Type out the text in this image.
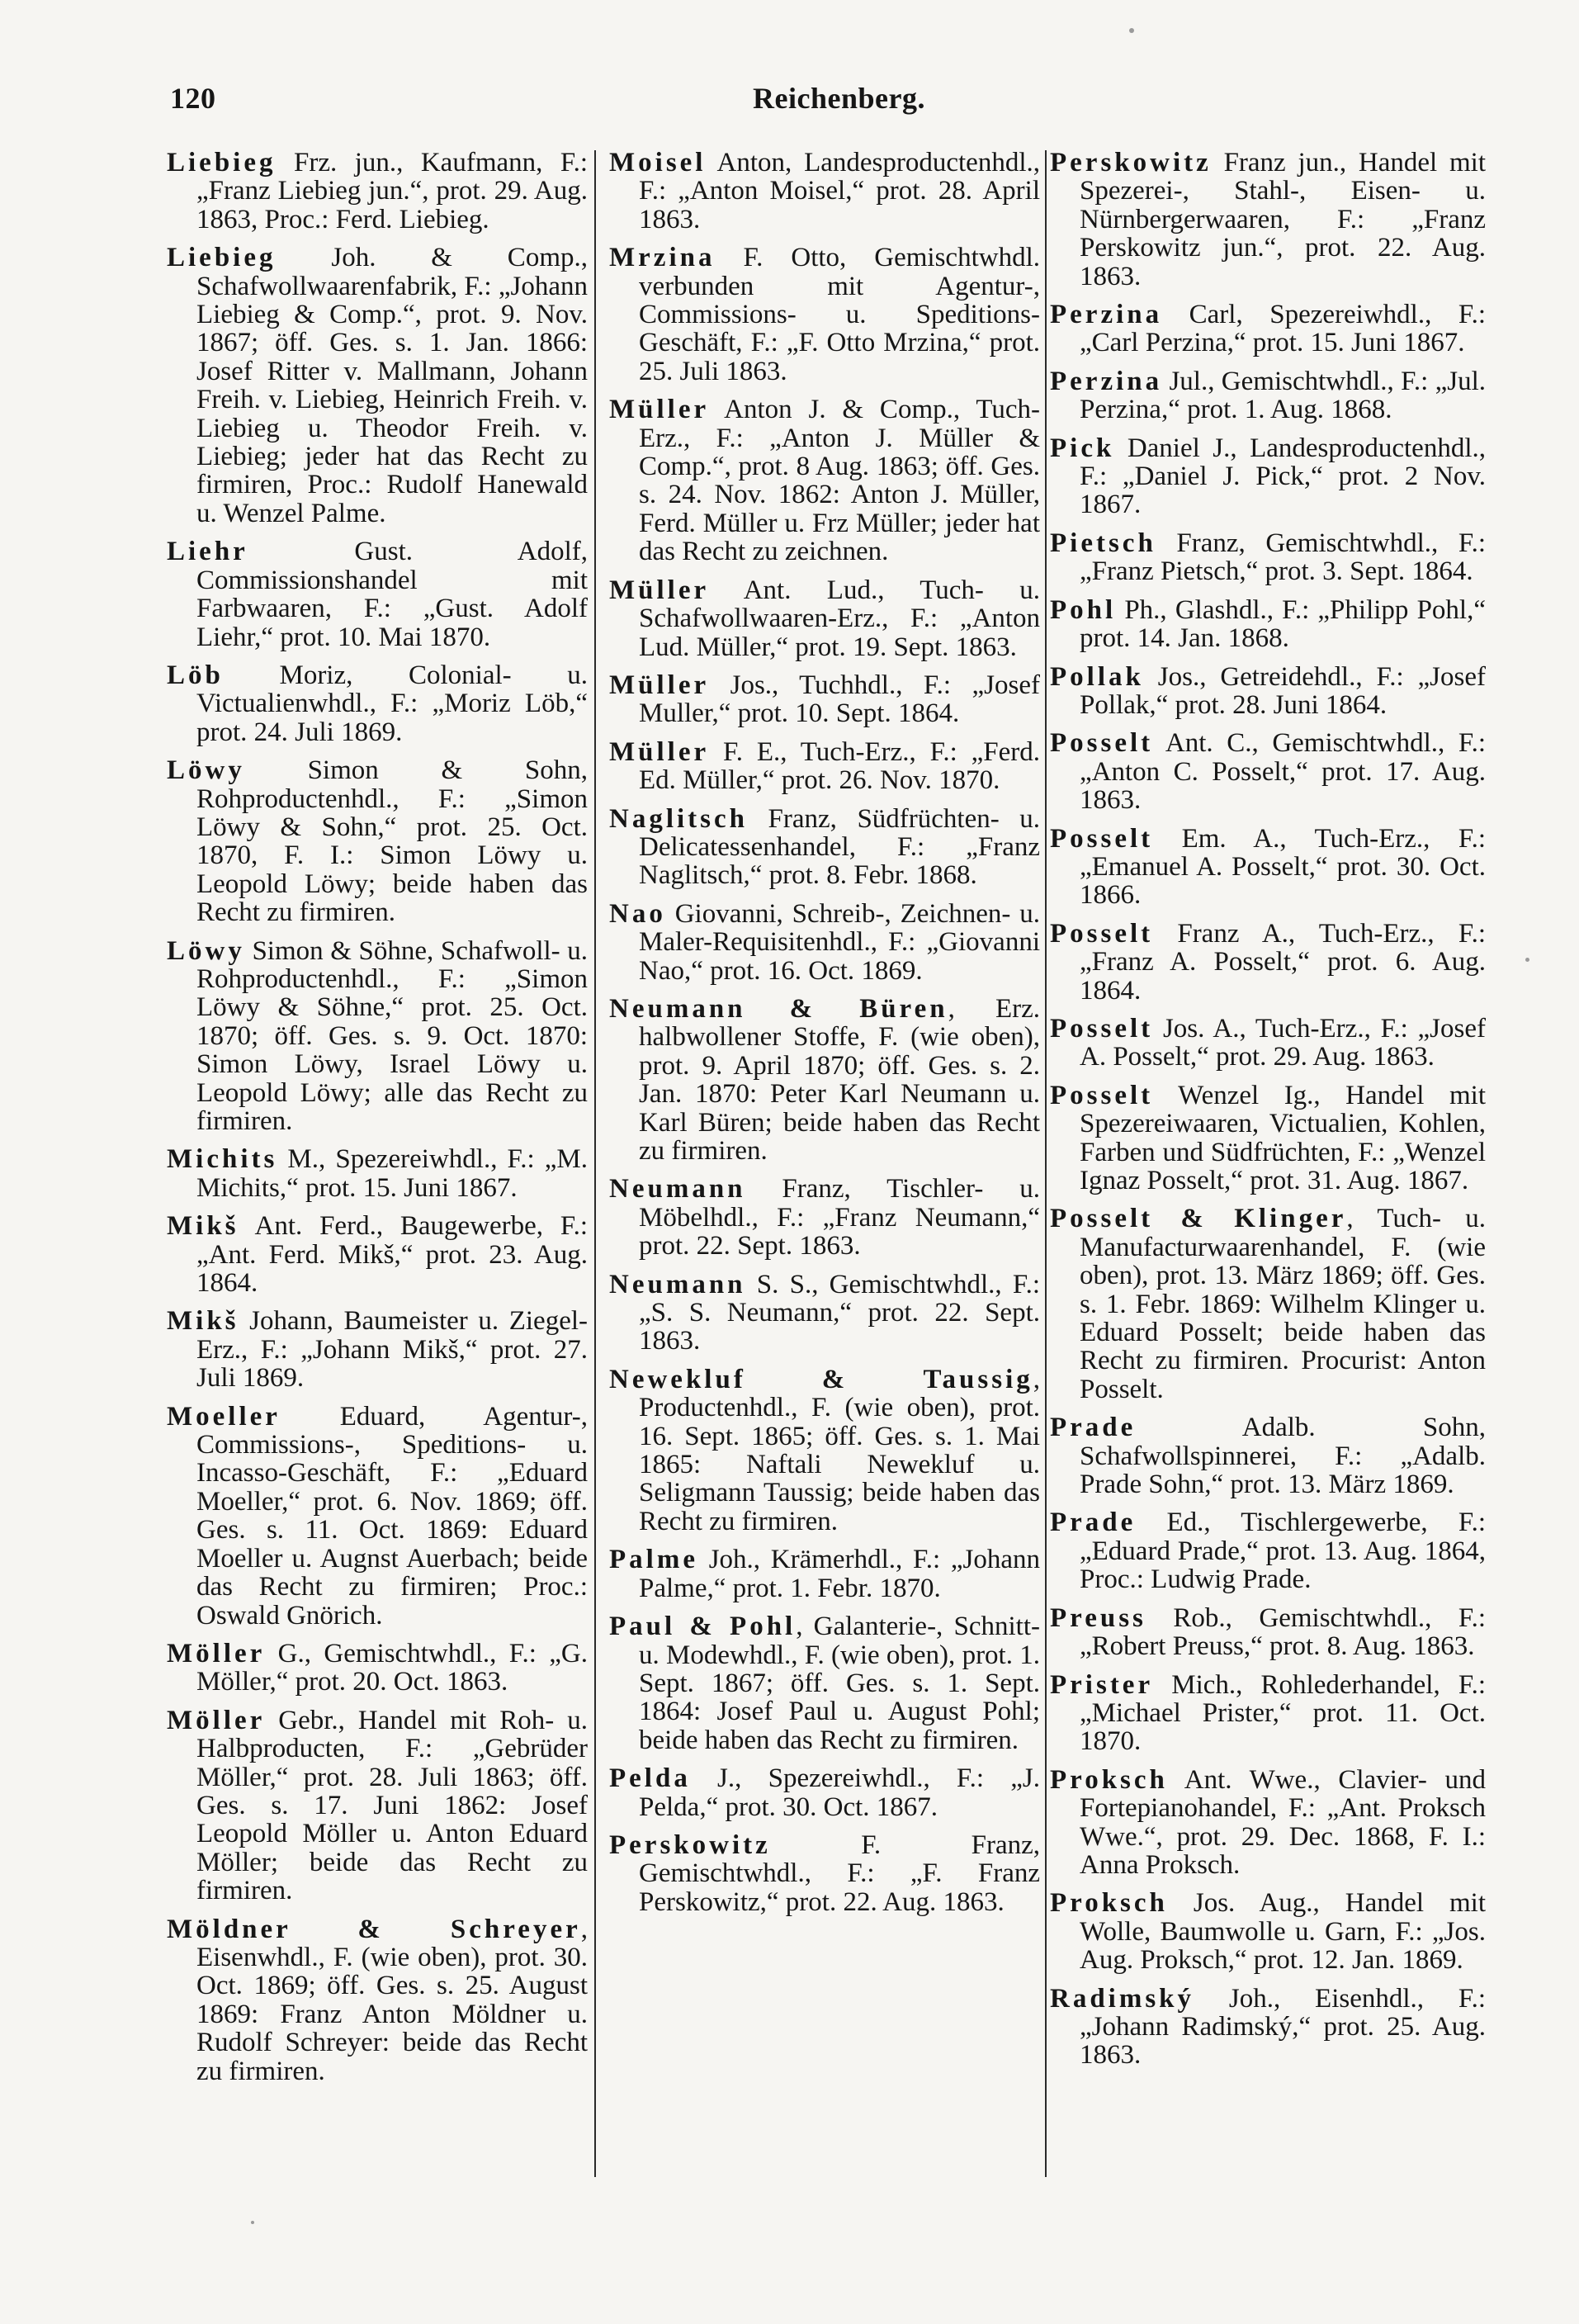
120	Reichenberg.

Liebieg Frz. jun., Kaufmann, F.: „Franz Liebieg jun.“, prot. 29. Aug. 1863, Proc.: Ferd. Liebieg.

Liebieg Joh. & Comp., Schafwollwaarenfabrik, F.: „Johann Liebieg & Comp.“, prot. 9. Nov. 1867; öff. Ges. s. 1. Jan. 1866: Josef Ritter v. Mallmann, Johann Freih. v. Liebieg, Heinrich Freih. v. Liebieg u. Theodor Freih. v. Liebieg; jeder hat das Recht zu firmiren, Proc.: Rudolf Hanewald u. Wenzel Palme.

Liehr Gust. Adolf, Commissionshandel mit Farbwaaren, F.: „Gust. Adolf Liehr,“ prot. 10. Mai 1870.

Löb Moriz, Colonial- u. Victualienwhdl., F.: „Moriz Löb,“ prot. 24. Juli 1869.

Löwy Simon & Sohn, Rohproductenhdl., F.: „Simon Löwy & Sohn,“ prot. 25. Oct. 1870, F. I.: Simon Löwy u. Leopold Löwy; beide haben das Recht zu firmiren.

Löwy Simon & Söhne, Schafwoll- u. Rohproductenhdl., F.: „Simon Löwy & Söhne,“ prot. 25. Oct. 1870; öff. Ges. s. 9. Oct. 1870: Simon Löwy, Israel Löwy u. Leopold Löwy; alle das Recht zu firmiren.

Michits M., Spezereiwhdl., F.: „M. Michits,“ prot. 15. Juni 1867.

Mikš Ant. Ferd., Baugewerbe, F.: „Ant. Ferd. Mikš,“ prot. 23. Aug. 1864.

Mikš Johann, Baumeister u. Ziegel-Erz., F.: „Johann Mikš,“ prot. 27. Juli 1869.

Moeller Eduard, Agentur-, Commissions-, Speditions- u. Incasso-Geschäft, F.: „Eduard Moeller,“ prot. 6. Nov. 1869; öff. Ges. s. 11. Oct. 1869: Eduard Moeller u. Augnst Auerbach; beide das Recht zu firmiren; Proc.: Oswald Gnörich.

Möller G., Gemischtwhdl., F.: „G. Möller,“ prot. 20. Oct. 1863.

Möller Gebr., Handel mit Roh- u. Halbproducten, F.: „Gebrüder Möller,“ prot. 28. Juli 1863; öff. Ges. s. 17. Juni 1862: Josef Leopold Möller u. Anton Eduard Möller; beide das Recht zu firmiren.

Möldner & Schreyer, Eisenwhdl., F. (wie oben), prot. 30. Oct. 1869; öff. Ges. s. 25. August 1869: Franz Anton Möldner u. Rudolf Schreyer: beide das Recht zu firmiren.

Moisel Anton, Landesproductenhdl., F.: „Anton Moisel,“ prot. 28. April 1863.

Mrzina F. Otto, Gemischtwhdl. verbunden mit Agentur-, Commissions- u. Speditions-Geschäft, F.: „F. Otto Mrzina,“ prot. 25. Juli 1863.

Müller Anton J. & Comp., Tuch-Erz., F.: „Anton J. Müller & Comp.“, prot. 8 Aug. 1863; öff. Ges. s. 24. Nov. 1862: Anton J. Müller, Ferd. Müller u. Frz Müller; jeder hat das Recht zu zeichnen.

Müller Ant. Lud., Tuch- u. Schafwollwaaren-Erz., F.: „Anton Lud. Müller,“ prot. 19. Sept. 1863.

Müller Jos., Tuchhdl., F.: „Josef Muller,“ prot. 10. Sept. 1864.

Müller F. E., Tuch-Erz., F.: „Ferd. Ed. Müller,“ prot. 26. Nov. 1870.

Naglitsch Franz, Südfrüchten- u. Delicatessenhandel, F.: „Franz Naglitsch,“ prot. 8. Febr. 1868.

Nao Giovanni, Schreib-, Zeichnen- u. Maler-Requisitenhdl., F.: „Giovanni Nao,“ prot. 16. Oct. 1869.

Neumann & Büren, Erz. halbwollener Stoffe, F. (wie oben), prot. 9. April 1870; öff. Ges. s. 2. Jan. 1870: Peter Karl Neumann u. Karl Büren; beide haben das Recht zu firmiren.

Neumann Franz, Tischler- u. Möbelhdl., F.: „Franz Neumann,“ prot. 22. Sept. 1863.

Neumann S. S., Gemischtwhdl., F.: „S. S. Neumann,“ prot. 22. Sept. 1863.

Newekluf & Taussig, Productenhdl., F. (wie oben), prot. 16. Sept. 1865; öff. Ges. s. 1. Mai 1865: Naftali Newekluf u. Seligmann Taussig; beide haben das Recht zu firmiren.

Palme Joh., Krämerhdl., F.: „Johann Palme,“ prot. 1. Febr. 1870.

Paul & Pohl, Galanterie-, Schnitt- u. Modewhdl., F. (wie oben), prot. 1. Sept. 1867; öff. Ges. s. 1. Sept. 1864: Josef Paul u. August Pohl; beide haben das Recht zu firmiren.

Pelda J., Spezereiwhdl., F.: „J. Pelda,“ prot. 30. Oct. 1867.

Perskowitz F. Franz, Gemischtwhdl., F.: „F. Franz Perskowitz,“ prot. 22. Aug. 1863.

Perskowitz Franz jun., Handel mit Spezerei-, Stahl-, Eisen- u. Nürnbergerwaaren, F.: „Franz Perskowitz jun.“, prot. 22. Aug. 1863.

Perzina Carl, Spezereiwhdl., F.: „Carl Perzina,“ prot. 15. Juni 1867.

Perzina Jul., Gemischtwhdl., F.: „Jul. Perzina,“ prot. 1. Aug. 1868.

Pick Daniel J., Landesproductenhdl., F.: „Daniel J. Pick,“ prot. 2 Nov. 1867.

Pietsch Franz, Gemischtwhdl., F.: „Franz Pietsch,“ prot. 3. Sept. 1864.

Pohl Ph., Glashdl., F.: „Philipp Pohl,“ prot. 14. Jan. 1868.

Pollak Jos., Getreidehdl., F.: „Josef Pollak,“ prot. 28. Juni 1864.

Posselt Ant. C., Gemischtwhdl., F.: „Anton C. Posselt,“ prot. 17. Aug. 1863.

Posselt Em. A., Tuch-Erz., F.: „Emanuel A. Posselt,“ prot. 30. Oct. 1866.

Posselt Franz A., Tuch-Erz., F.: „Franz A. Posselt,“ prot. 6. Aug. 1864.

Posselt Jos. A., Tuch-Erz., F.: „Josef A. Posselt,“ prot. 29. Aug. 1863.

Posselt Wenzel Ig., Handel mit Spezereiwaaren, Victualien, Kohlen, Farben und Südfrüchten, F.: „Wenzel Ignaz Posselt,“ prot. 31. Aug. 1867.

Posselt & Klinger, Tuch- u. Manufacturwaarenhandel, F. (wie oben), prot. 13. März 1869; öff. Ges. s. 1. Febr. 1869: Wilhelm Klinger u. Eduard Posselt; beide haben das Recht zu firmiren. Procurist: Anton Posselt.

Prade Adalb. Sohn, Schafwollspinnerei, F.: „Adalb. Prade Sohn,“ prot. 13. März 1869.

Prade Ed., Tischlergewerbe, F.: „Eduard Prade,“ prot. 13. Aug. 1864, Proc.: Ludwig Prade.

Preuss Rob., Gemischtwhdl., F.: „Robert Preuss,“ prot. 8. Aug. 1863.

Prister Mich., Rohlederhandel, F.: „Michael Prister,“ prot. 11. Oct. 1870.

Proksch Ant. Wwe., Clavier- und Fortepianohandel, F.: „Ant. Proksch Wwe.“, prot. 29. Dec. 1868, F. I.: Anna Proksch.

Proksch Jos. Aug., Handel mit Wolle, Baumwolle u. Garn, F.: „Jos. Aug. Proksch,“ prot. 12. Jan. 1869.

Radimský Joh., Eisenhdl., F.: „Johann Radimský,“ prot. 25. Aug. 1863.
